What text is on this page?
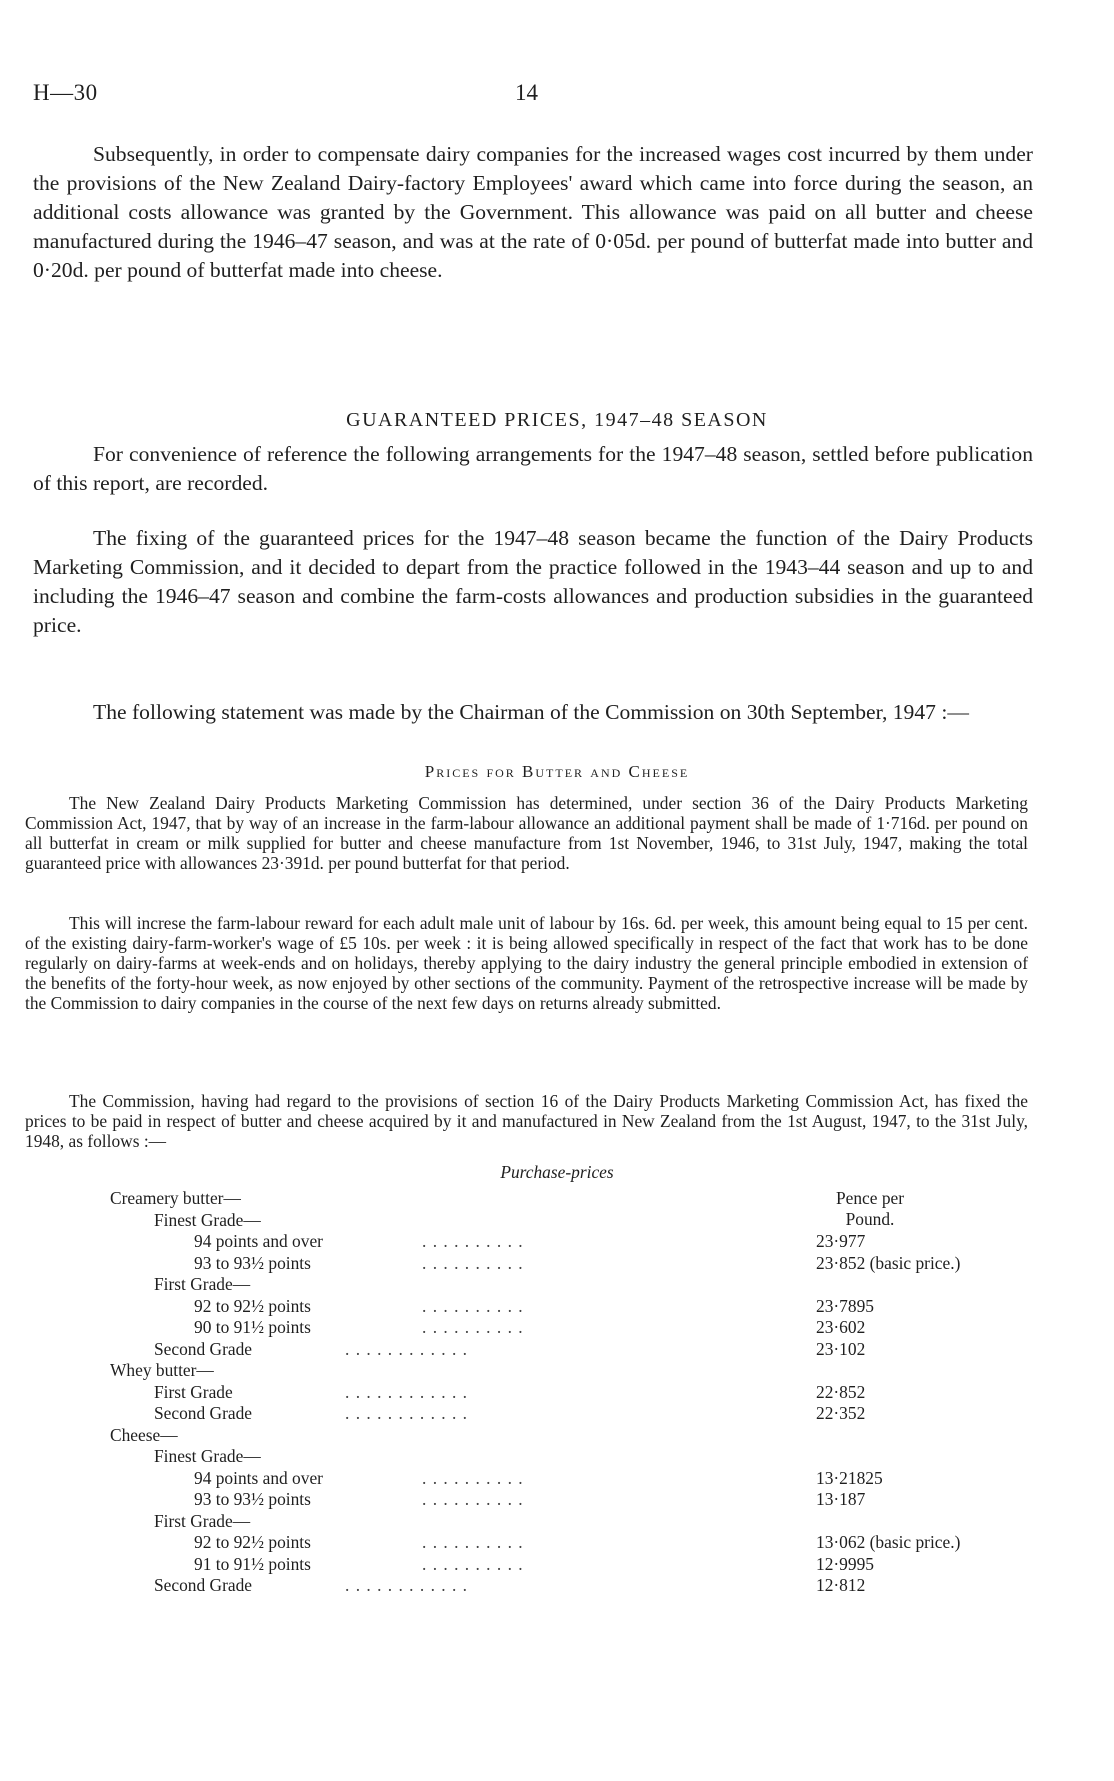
H—30	14

Subsequently, in order to compensate dairy companies for the increased wages cost incurred by them under the provisions of the New Zealand Dairy-factory Employees' award which came into force during the season, an additional costs allowance was granted by the Government. This allowance was paid on all butter and cheese manufactured during the 1946–47 season, and was at the rate of 0·05d. per pound of butterfat made into butter and 0·20d. per pound of butterfat made into cheese.

GUARANTEED PRICES, 1947–48 SEASON

For convenience of reference the following arrangements for the 1947–48 season, settled before publication of this report, are recorded.

The fixing of the guaranteed prices for the 1947–48 season became the function of the Dairy Products Marketing Commission, and it decided to depart from the practice followed in the 1943–44 season and up to and including the 1946–47 season and combine the farm-costs allowances and production subsidies in the guaranteed price.

The following statement was made by the Chairman of the Commission on 30th September, 1947 :—

Prices for Butter and Cheese

The New Zealand Dairy Products Marketing Commission has determined, under section 36 of the Dairy Products Marketing Commission Act, 1947, that by way of an increase in the farm-labour allowance an additional payment shall be made of 1·716d. per pound on all butterfat in cream or milk supplied for butter and cheese manufacture from 1st November, 1946, to 31st July, 1947, making the total guaranteed price with allowances 23·391d. per pound butterfat for that period.

This will increse the farm-labour reward for each adult male unit of labour by 16s. 6d. per week, this amount being equal to 15 per cent. of the existing dairy-farm-worker's wage of £5 10s. per week : it is being allowed specifically in respect of the fact that work has to be done regularly on dairy-farms at week-ends and on holidays, thereby applying to the dairy industry the general principle embodied in extension of the benefits of the forty-hour week, as now enjoyed by other sections of the community. Payment of the retrospective increase will be made by the Commission to dairy companies in the course of the next few days on returns already submitted.

The Commission, having had regard to the provisions of section 16 of the Dairy Products Marketing Commission Act, has fixed the prices to be paid in respect of butter and cheese acquired by it and manufactured in New Zealand from the 1st August, 1947, to the 31st July, 1948, as follows :—

Purchase-prices
Pence per
Pound.
Creamery butter—
Finest Grade—
94 points and over	. . . . . . . . . .	23·977
93 to 93½ points	. . . . . . . . . .	23·852 (basic price.)
First Grade—
92 to 92½ points	. . . . . . . . . .	23·7895
90 to 91½ points	. . . . . . . . . .	23·602
Second Grade	. . . . . . . . . . . .	23·102
Whey butter—
First Grade	. . . . . . . . . . . .	22·852
Second Grade	. . . . . . . . . . . .	22·352
Cheese—
Finest Grade—
94 points and over	. . . . . . . . . .	13·21825
93 to 93½ points	. . . . . . . . . .	13·187
First Grade—
92 to 92½ points	. . . . . . . . . .	13·062 (basic price.)
91 to 91½ points	. . . . . . . . . .	12·9995
Second Grade	. . . . . . . . . . . .	12·812
